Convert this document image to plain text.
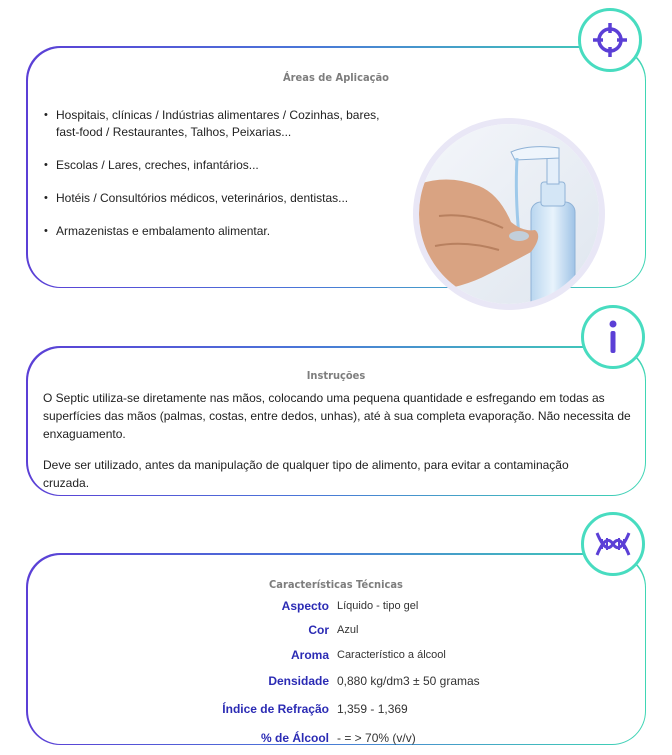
Áreas de Aplicação
• Hospitais, clínicas / Indústrias alimentares / Cozinhas, bares, fast-food / Restaurantes, Talhos, Peixarias...
• Escolas / Lares, creches, infantários...
• Hotéis / Consultórios médicos, veterinários, dentistas...
• Armazenistas e embalamento alimentar.
Instruções
O Septic utiliza-se diretamente nas mãos, colocando uma pequena quantidade e esfregando em todas as superfícies das mãos (palmas, costas, entre dedos, unhas), até à sua completa evaporação. Não necessita de enxaguamento.
Deve ser utilizado, antes da manipulação de qualquer tipo de alimento, para evitar a contaminação cruzada.
Características Técnicas
Aspecto Líquido - tipo gel
Cor Azul
Aroma Característico a álcool
Densidade 0,880 kg/dm3 ± 50 gramas
Índice de Refração 1,359 - 1,369
% de Álcool - = > 70% (v/v)
